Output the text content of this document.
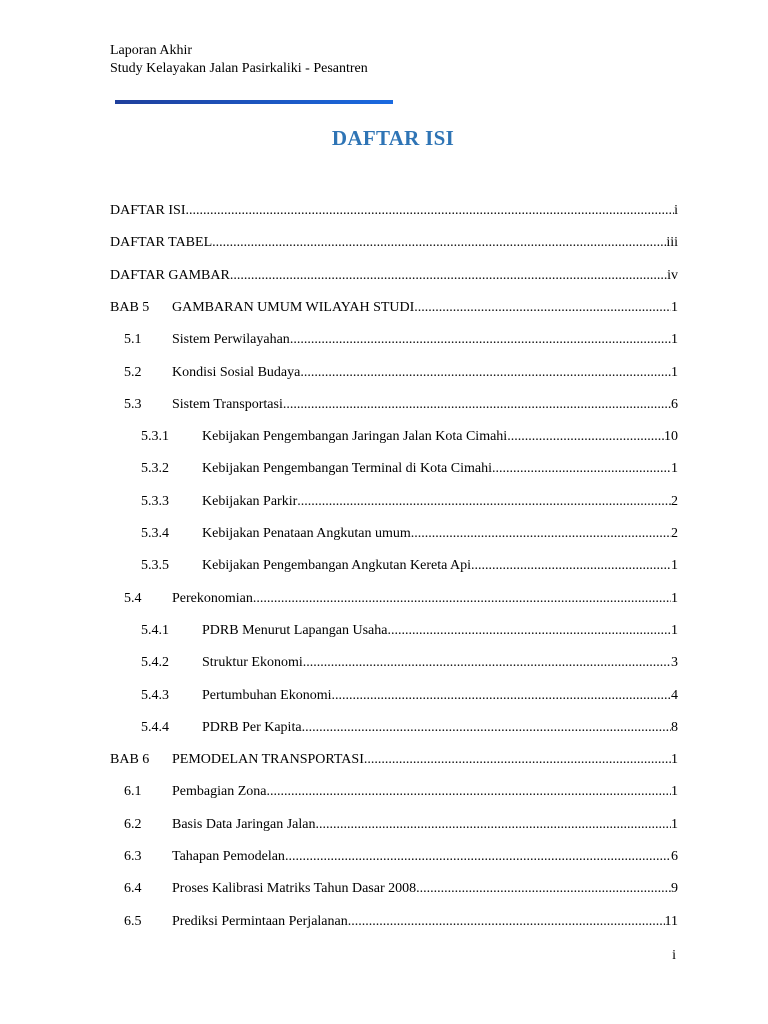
Laporan Akhir
Study Kelayakan Jalan Pasirkaliki - Pesantren
DAFTAR ISI
DAFTAR ISI .....	i
DAFTAR TABEL .....	iii
DAFTAR GAMBAR .....	iv
BAB 5	GAMBARAN UMUM WILAYAH STUDI .....	1
5.1	Sistem Perwilayahan .....	1
5.2	Kondisi Sosial Budaya .....	1
5.3	Sistem Transportasi .....	6
5.3.1	Kebijakan Pengembangan Jaringan Jalan Kota Cimahi .....	10
5.3.2	Kebijakan Pengembangan Terminal di Kota Cimahi .....	1
5.3.3	Kebijakan Parkir .....	2
5.3.4	Kebijakan Penataan Angkutan umum .....	2
5.3.5	Kebijakan Pengembangan Angkutan Kereta Api .....	1
5.4	Perekonomian .....	1
5.4.1	PDRB Menurut Lapangan Usaha .....	1
5.4.2	Struktur Ekonomi .....	3
5.4.3	Pertumbuhan Ekonomi .....	4
5.4.4	PDRB Per Kapita .....	8
BAB 6	PEMODELAN TRANSPORTASI .....	1
6.1	Pembagian Zona .....	1
6.2	Basis Data Jaringan Jalan .....	1
6.3	Tahapan Pemodelan .....	6
6.4	Proses Kalibrasi Matriks Tahun Dasar 2008 .....	9
6.5	Prediksi Permintaan Perjalanan .....	11
i
